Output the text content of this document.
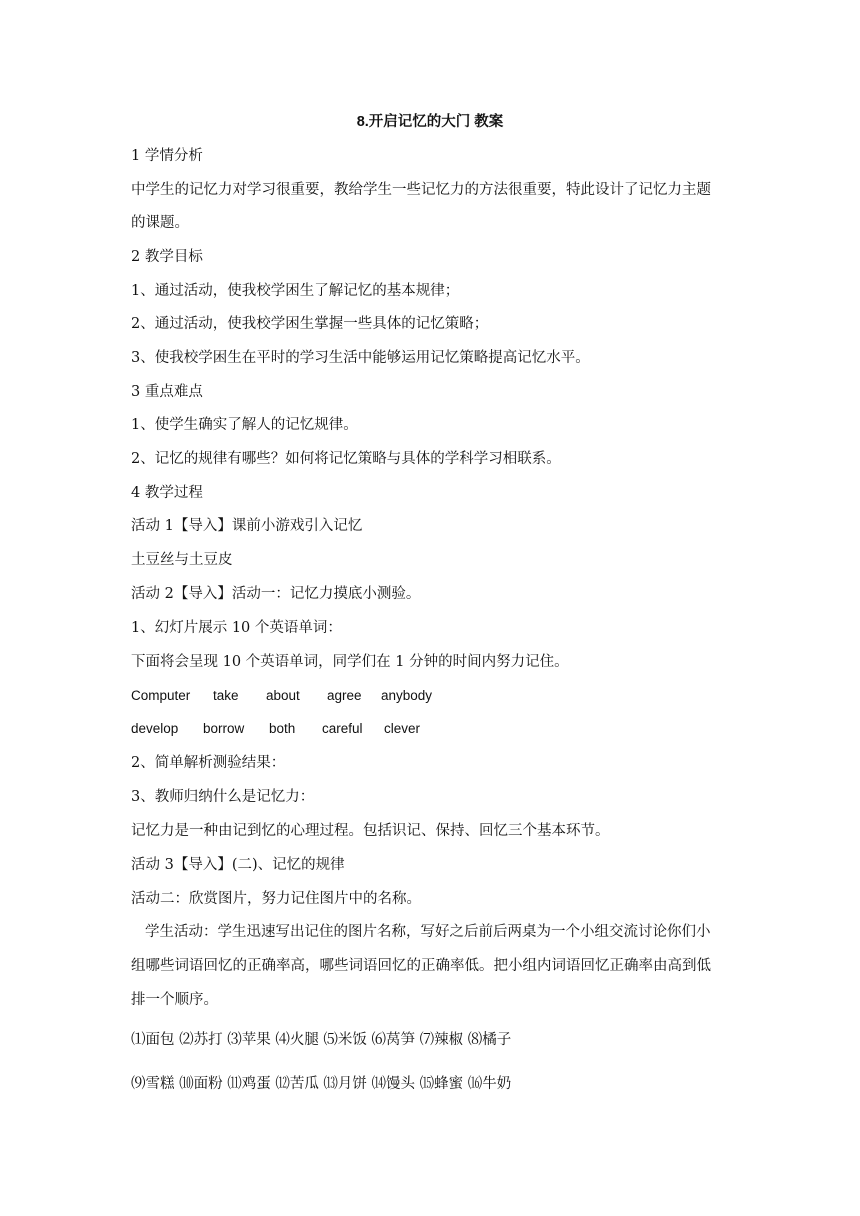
8.开启记忆的大门 教案
1 学情分析
中学生的记忆力对学习很重要，教给学生一些记忆力的方法很重要，特此设计了记忆力主题
的课题。
2 教学目标
1、通过活动，使我校学困生了解记忆的基本规律；
2、通过活动，使我校学困生掌握一些具体的记忆策略；
3、使我校学困生在平时的学习生活中能够运用记忆策略提高记忆水平。
3 重点难点
1、使学生确实了解人的记忆规律。
2、记忆的规律有哪些？如何将记忆策略与具体的学科学习相联系。
4 教学过程
活动 1【导入】课前小游戏引入记忆
土豆丝与土豆皮
活动 2【导入】活动一：记忆力摸底小测验。
1、幻灯片展示 10 个英语单词：
下面将会呈现 10 个英语单词，同学们在 1 分钟的时间内努力记住。
Computer take about agree anybody
develop borrow both careful clever
2、简单解析测验结果：
3、教师归纳什么是记忆力：
记忆力是一种由记到忆的心理过程。包括识记、保持、回忆三个基本环节。
活动 3【导入】(二)、记忆的规律
活动二：欣赏图片，努力记住图片中的名称。
学生活动：学生迅速写出记住的图片名称，写好之后前后两桌为一个小组交流讨论你们小
组哪些词语回忆的正确率高，哪些词语回忆的正确率低。把小组内词语回忆正确率由高到低
排一个顺序。
⑴面包 ⑵苏打 ⑶苹果 ⑷火腿 ⑸米饭 ⑹莴笋 ⑺辣椒 ⑻橘子
⑼雪糕 ⑽面粉 ⑾鸡蛋 ⑿苦瓜 ⒀月饼 ⒁馒头 ⒂蜂蜜 ⒃牛奶
